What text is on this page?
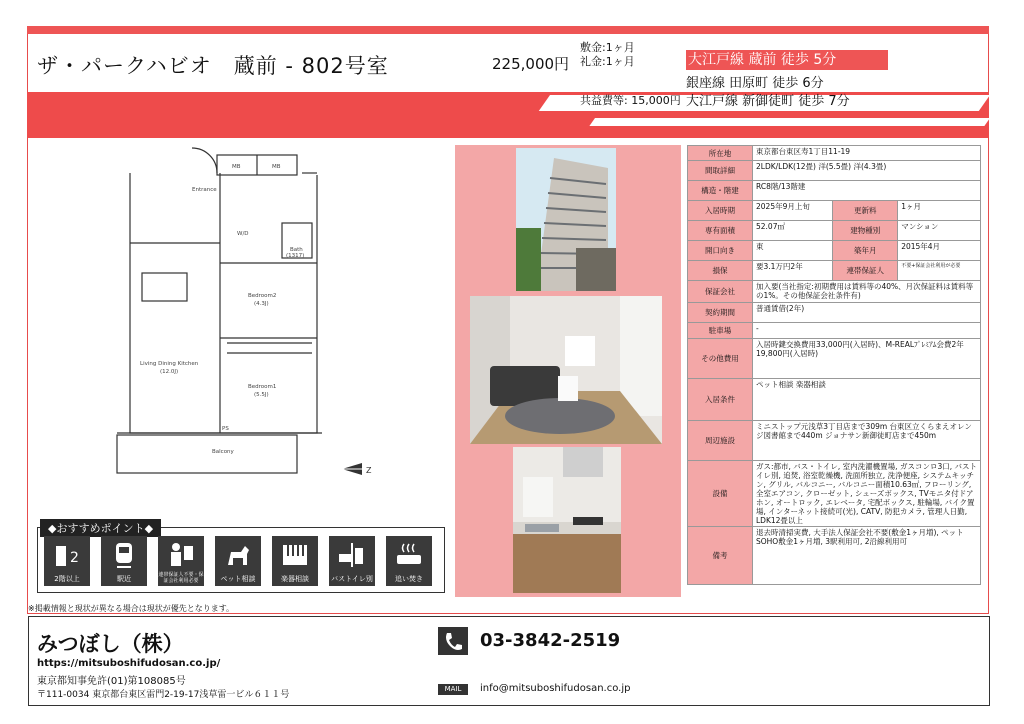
ザ・パークハビオ　蔵前 - 802号室	225,000円
敷金:1ヶ月
礼金:1ヶ月
共益費等: 15,000円
大江戸線 蔵前 徒歩 5分
銀座線 田原町 徒歩 6分
大江戸線 新御徒町 徒歩 7分
MB	MB
Entrance
W/D
Bath
(1317)
Bedroom2
(4.3J)
Living Dining Kitchen
(12.0J)
Bedroom1
(5.5J)
Balcony
PS
Z
◆おすすめポイント◆
2
2階以上	駅近	連帯保証人不要・保証会社利用必要	ペット相談	楽器相談	バストイレ別	追い焚き
※掲載情報と現状が異なる場合は現状が優先となります。
所在地	東京都台東区寿1丁目11-19		
間取詳細	2LDK/LDK(12畳) 洋(5.5畳) 洋(4.3畳)		
構造・階建	RC8階/13階建		
入居時期	2025年9月上旬	更新料	1ヶ月
専有面積	52.07㎡	建物種別	マンション
開口向き	東	築年月	2015年4月
損保	要3.1万円2年	連帯保証人	不要+保証会社利用が必要
保証会社	加入要(当社指定:初期費用は賃料等の40%、月次保証料は賃料等の1%。その他保証会社条件有)		
契約期間	普通賃借(2年)		
駐車場	-		
その他費用	入居時鍵交換費用33,000円(入居時)、M-REALﾌﾟﾚﾐｱﾑ会費2年19,800円(入居時)		
入居条件	ペット相談 楽器相談		
周辺施設	ミニストップ元浅草3丁目店まで309m 台東区立くらまえオレンジ図書館まで440m ジョナサン新御徒町店まで450m		
設備	ガス:都市, バス・トイレ, 室内洗濯機置場, ガスコンロ3口, バストイレ別, 追焚, 浴室乾燥機, 洗面所独立, 洗浄便座, システムキッチン, グリル, バルコニー, バルコニー面積10.63㎡, フローリング, 全室エアコン, クローゼット, シューズボックス, TVモニタ付ドアホン, オートロック, エレベータ, 宅配ボックス, 駐輪場, バイク置場, インターネット接続可(光), CATV, 防犯カメラ, 管理人日勤, LDK12畳以上		
備考	退去時清掃実費, 大手法人保証会社不要(敷金1ヶ月増), ペットSOHO敷金1ヶ月増, 3駅利用可, 2沿線利用可		
みつぼし（株）
https://mitsuboshifudosan.co.jp/
東京都知事免許(01)第108085号
〒111-0034 東京都台東区雷門2-19-17浅草雷一ビル６１１号
03-3842-2519
MAIL	info@mitsuboshifudosan.co.jp
